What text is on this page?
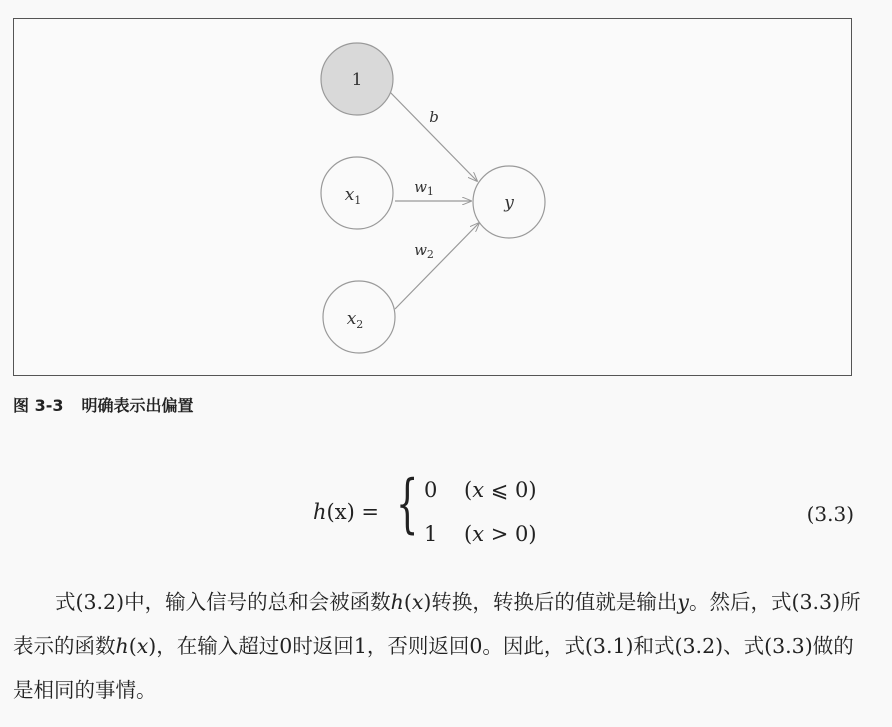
1
$x_1$
$x_2$
y
b
$w_1$
$w_2$
图 3-3 明确表示出偏置
h(x) = { 0 (x ⩽ 0)
1 (x > 0)
(3.3)

式(3.2)中，输入信号的总和会被函数h(x)转换，转换后的值就是输出y。然后，式(3.3)所表示的函数h(x)，在输入超过0时返回1，否则返回0。因此，式(3.1)和式(3.2)、式(3.3)做的是相同的事情。
